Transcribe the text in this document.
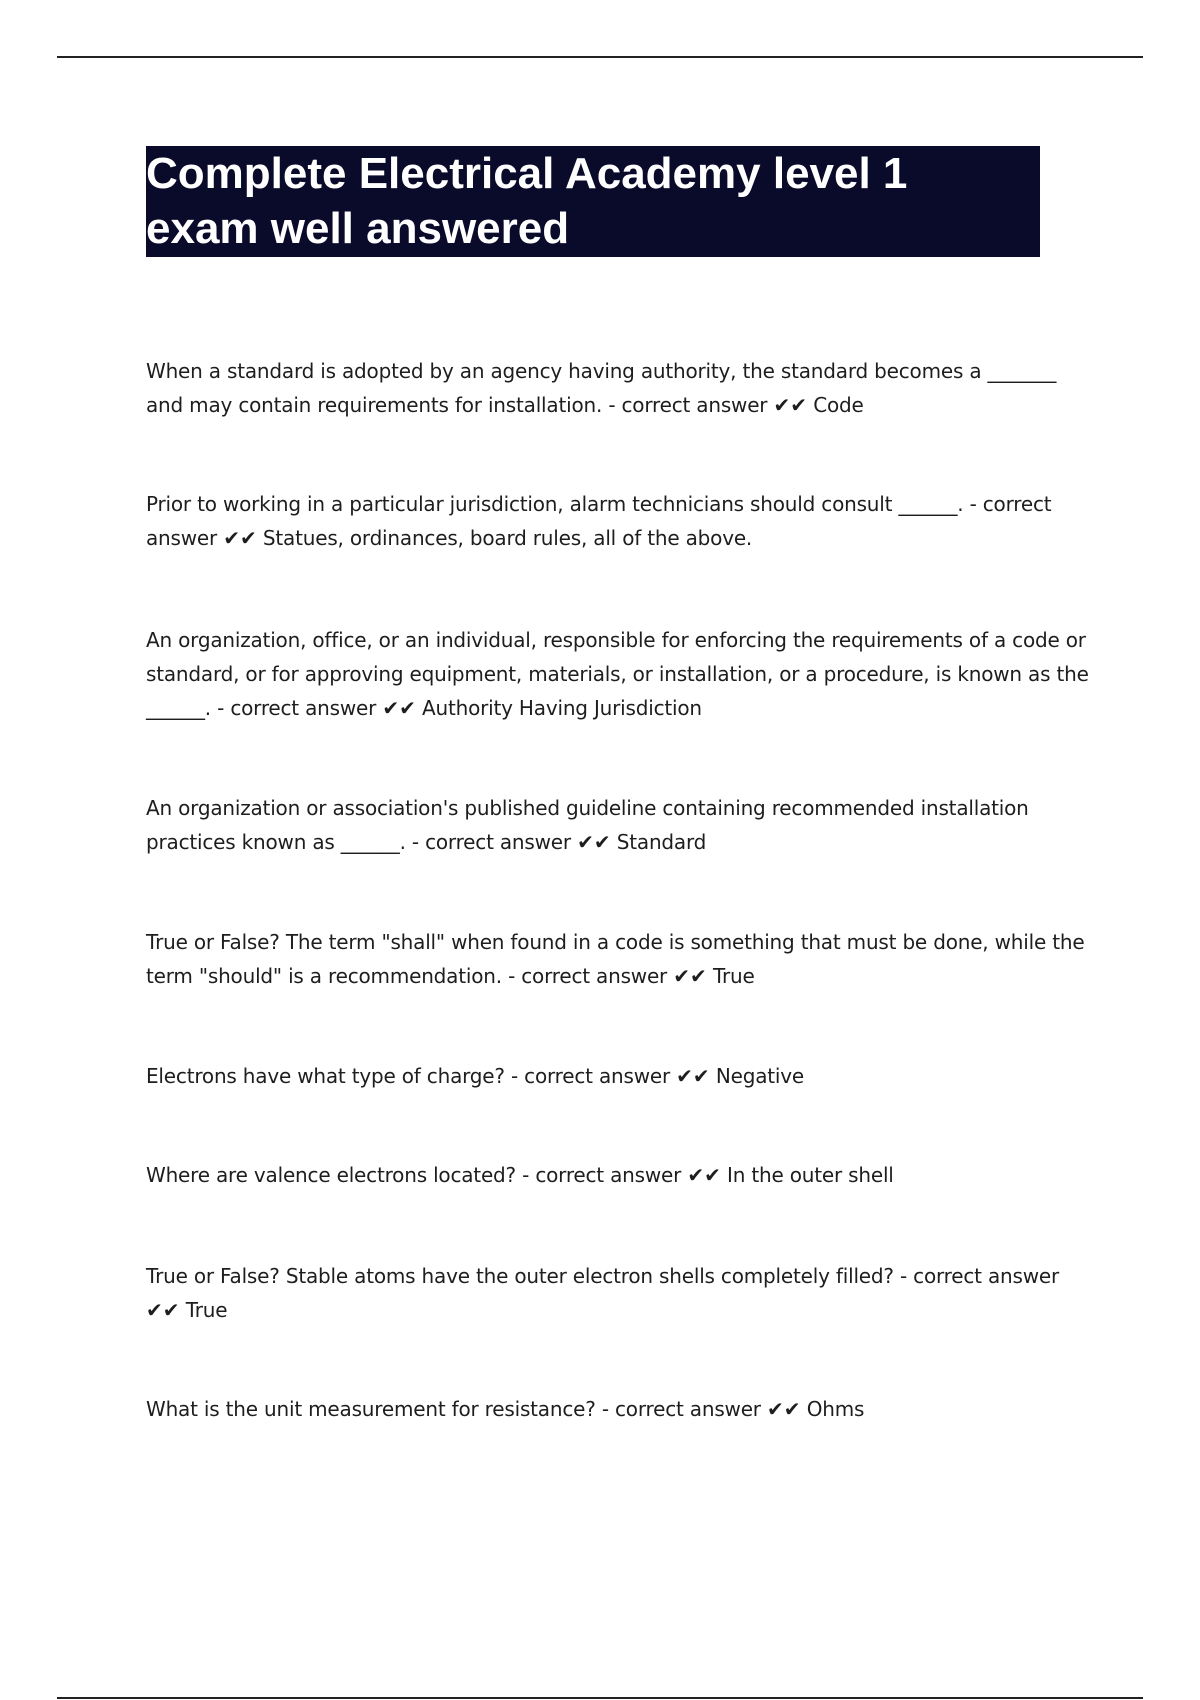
Complete Electrical Academy level 1
exam well answered

When a standard is adopted by an agency having authority, the standard becomes a _______ and may contain requirements for installation. - correct answer ✔✔ Code

Prior to working in a particular jurisdiction, alarm technicians should consult ______. - correct answer ✔✔ Statues, ordinances, board rules, all of the above.

An organization, office, or an individual, responsible for enforcing the requirements of a code or standard, or for approving equipment, materials, or installation, or a procedure, is known as the ______. - correct answer ✔✔ Authority Having Jurisdiction

An organization or association's published guideline containing recommended installation practices known as ______. - correct answer ✔✔ Standard

True or False? The term "shall" when found in a code is something that must be done, while the term "should" is a recommendation. - correct answer ✔✔ True

Electrons have what type of charge? - correct answer ✔✔ Negative

Where are valence electrons located? - correct answer ✔✔ In the outer shell

True or False? Stable atoms have the outer electron shells completely filled? - correct answer ✔✔ True

What is the unit measurement for resistance? - correct answer ✔✔ Ohms
